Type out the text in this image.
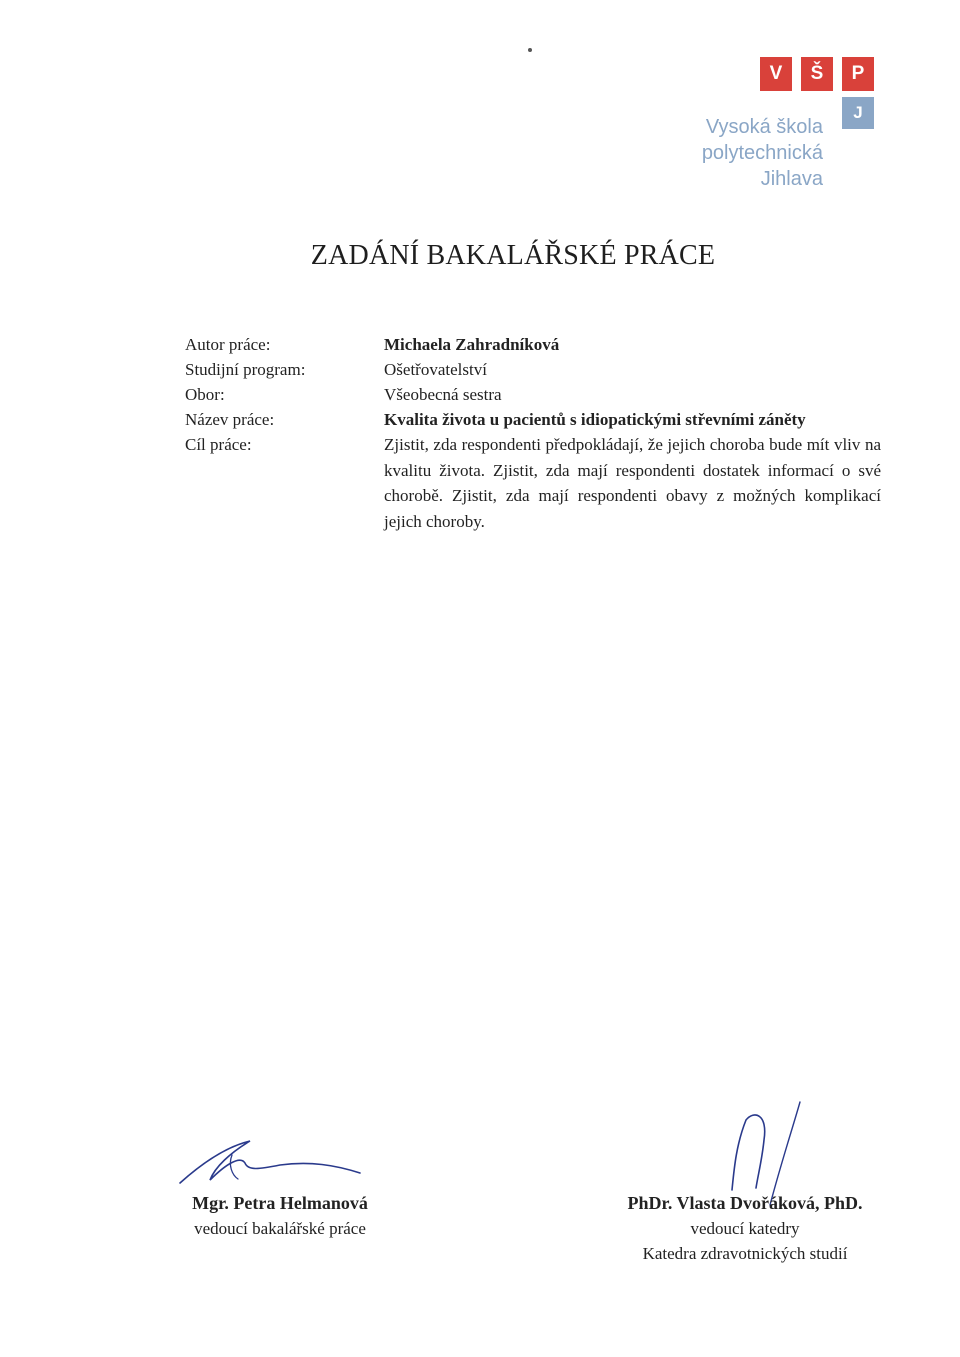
V	Š	P
J
Vysoká škola
polytechnická
Jihlava
ZADÁNÍ BAKALÁŘSKÉ PRÁCE
Autor práce:
Studijní program:
Obor:
Název práce:
Cíl práce:
Michaela Zahradníková
Ošetřovatelství
Všeobecná sestra
Kvalita života u pacientů s idiopatickými střevními záněty
Zjistit, zda respondenti předpokládají, že jejich choroba bude mít vliv na kvalitu života. Zjistit, zda mají respondenti dostatek informací o své chorobě. Zjistit, zda mají respondenti obavy z možných komplikací jejich choroby.
Mgr. Petra Helmanová
vedoucí bakalářské práce
PhDr. Vlasta Dvořáková, PhD.
vedoucí katedry
Katedra zdravotnických studií
